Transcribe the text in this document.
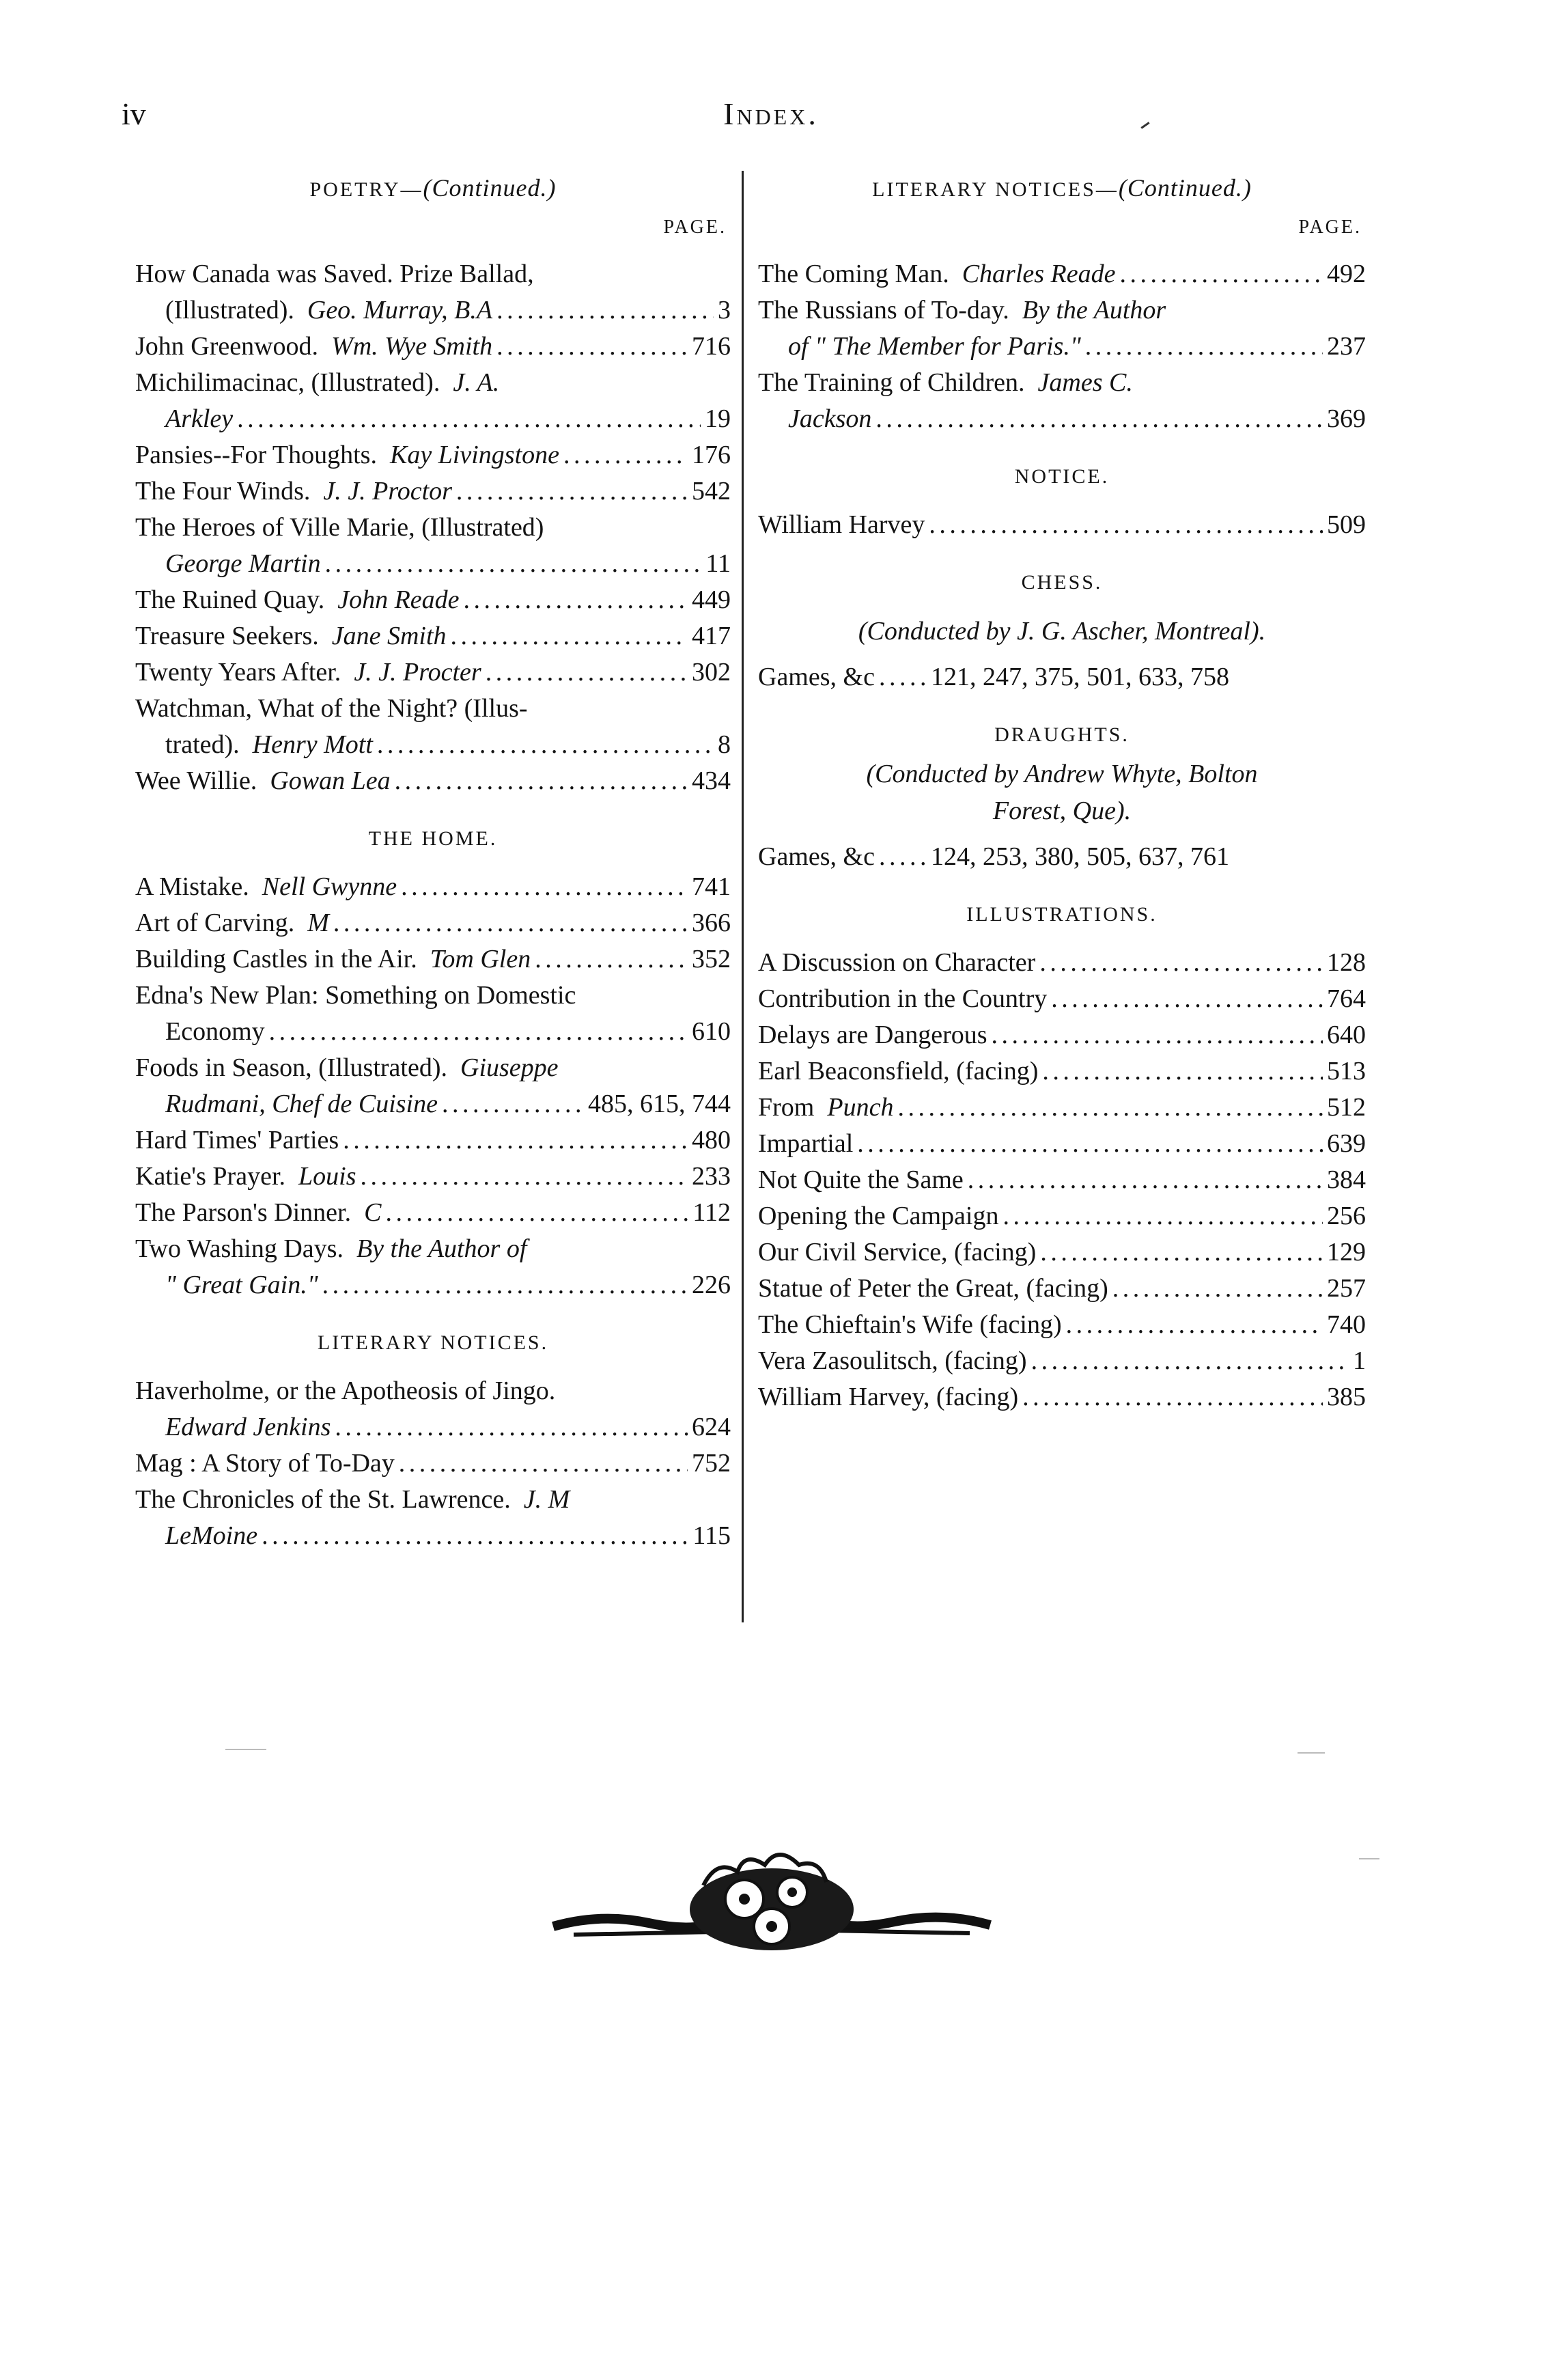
iv	Index.
POETRY—(Continued.)
PAGE.
How Canada was Saved. Prize Ballad,
(Illustrated).
Geo. Murray, B.A . . .	3
John Greenwood.
Wm. Wye Smith . . .	716
Michilimacinac, (Illustrated).
J. A.
Arkley . . .	19
Pansies--For Thoughts.
Kay Livingstone . . .	176
The Four Winds.
J. J. Proctor . . .	542
The Heroes of Ville Marie, (Illustrated)
George Martin . . .	11
The Ruined Quay.
John Reade . . .	449
Treasure Seekers.
Jane Smith . . .	417
Twenty Years After.
J. J. Procter . . .	302
Watchman, What of the Night? (Illus-
trated).
Henry Mott . . .	8
Wee Willie.
Gowan Lea . . .	434
THE HOME.
A Mistake.
Nell Gwynne . . .	741
Art of Carving.
M . . .	366
Building Castles in the Air.
Tom Glen . . .	352
Edna's New Plan: Something on Domestic
Economy . . .	610
Foods in Season, (Illustrated).
Giuseppe
Rudmani, Chef de Cuisine . . .	485, 615, 744
Hard Times' Parties . . .	480
Katie's Prayer.
Louis . . .	233
The Parson's Dinner.
C . . .	112
Two Washing Days.
By the Author of
" Great Gain." . . .	226
LITERARY NOTICES.
Haverholme, or the Apotheosis of Jingo.
Edward Jenkins . . .	624
Mag : A Story of To-Day . . .	752
The Chronicles of the St. Lawrence.
J. M
LeMoine . . .	115
LITERARY NOTICES—(Continued.)
PAGE.
The Coming Man.
Charles Reade . . .	492
The Russians of To-day.
By the Author
of " The Member for Paris." . . .	237
The Training of Children.
James C.
Jackson . . .	369
NOTICE.
William Harvey . . .	509
CHESS.
(Conducted by J. G. Ascher, Montreal).
Games, &c . . . 121, 247, 375, 501, 633, 758
DRAUGHTS.
(Conducted by Andrew Whyte, Bolton
Forest, Que).
Games, &c . . . 124, 253, 380, 505, 637, 761
ILLUSTRATIONS.
A Discussion on Character . . .	128
Contribution in the Country . . .	764
Delays are Dangerous . . .	640
Earl Beaconsfield, (facing) . . .	513
From
Punch . . .	512
Impartial . . .	639
Not Quite the Same . . .	384
Opening the Campaign . . .	256
Our Civil Service, (facing) . . .	129
Statue of Peter the Great, (facing) . . .	257
The Chieftain's Wife (facing) . . .	740
Vera Zasoulitsch, (facing) . . .	1
William Harvey, (facing) . . .	385
